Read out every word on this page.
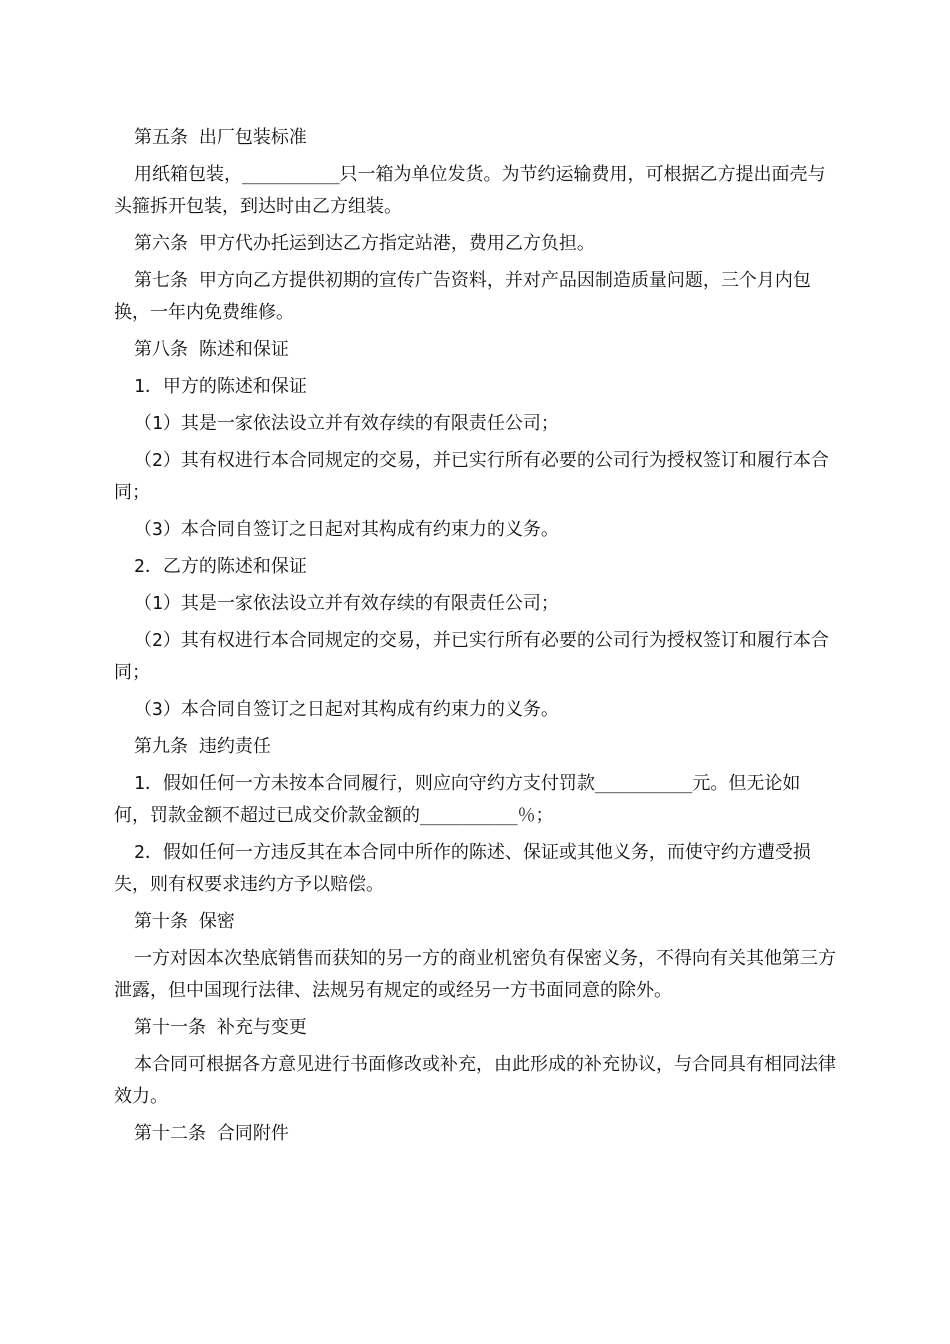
第五条 出厂包装标准

用纸箱包装，_________只一箱为单位发货。为节约运输费用，可根据乙方提出面壳与头箍拆开包装，到达时由乙方组装。

第六条 甲方代办托运到达乙方指定站港，费用乙方负担。

第七条 甲方向乙方提供初期的宣传广告资料，并对产品因制造质量问题，三个月内包换，一年内免费维修。

第八条 陈述和保证

1．甲方的陈述和保证

（1）其是一家依法设立并有效存续的有限责任公司；

（2）其有权进行本合同规定的交易，并已实行所有必要的公司行为授权签订和履行本合同；

（3）本合同自签订之日起对其构成有约束力的义务。

2．乙方的陈述和保证

（1）其是一家依法设立并有效存续的有限责任公司；

（2）其有权进行本合同规定的交易，并已实行所有必要的公司行为授权签订和履行本合同；

（3）本合同自签订之日起对其构成有约束力的义务。

第九条 违约责任

1．假如任何一方未按本合同履行，则应向守约方支付罚款_________元。但无论如何，罚款金额不超过已成交价款金额的_________％；

2．假如任何一方违反其在本合同中所作的陈述、保证或其他义务，而使守约方遭受损失，则有权要求违约方予以赔偿。

第十条 保密

一方对因本次垫底销售而获知的另一方的商业机密负有保密义务，不得向有关其他第三方泄露，但中国现行法律、法规另有规定的或经另一方书面同意的除外。

第十一条 补充与变更

本合同可根据各方意见进行书面修改或补充，由此形成的补充协议，与合同具有相同法律效力。

第十二条 合同附件
